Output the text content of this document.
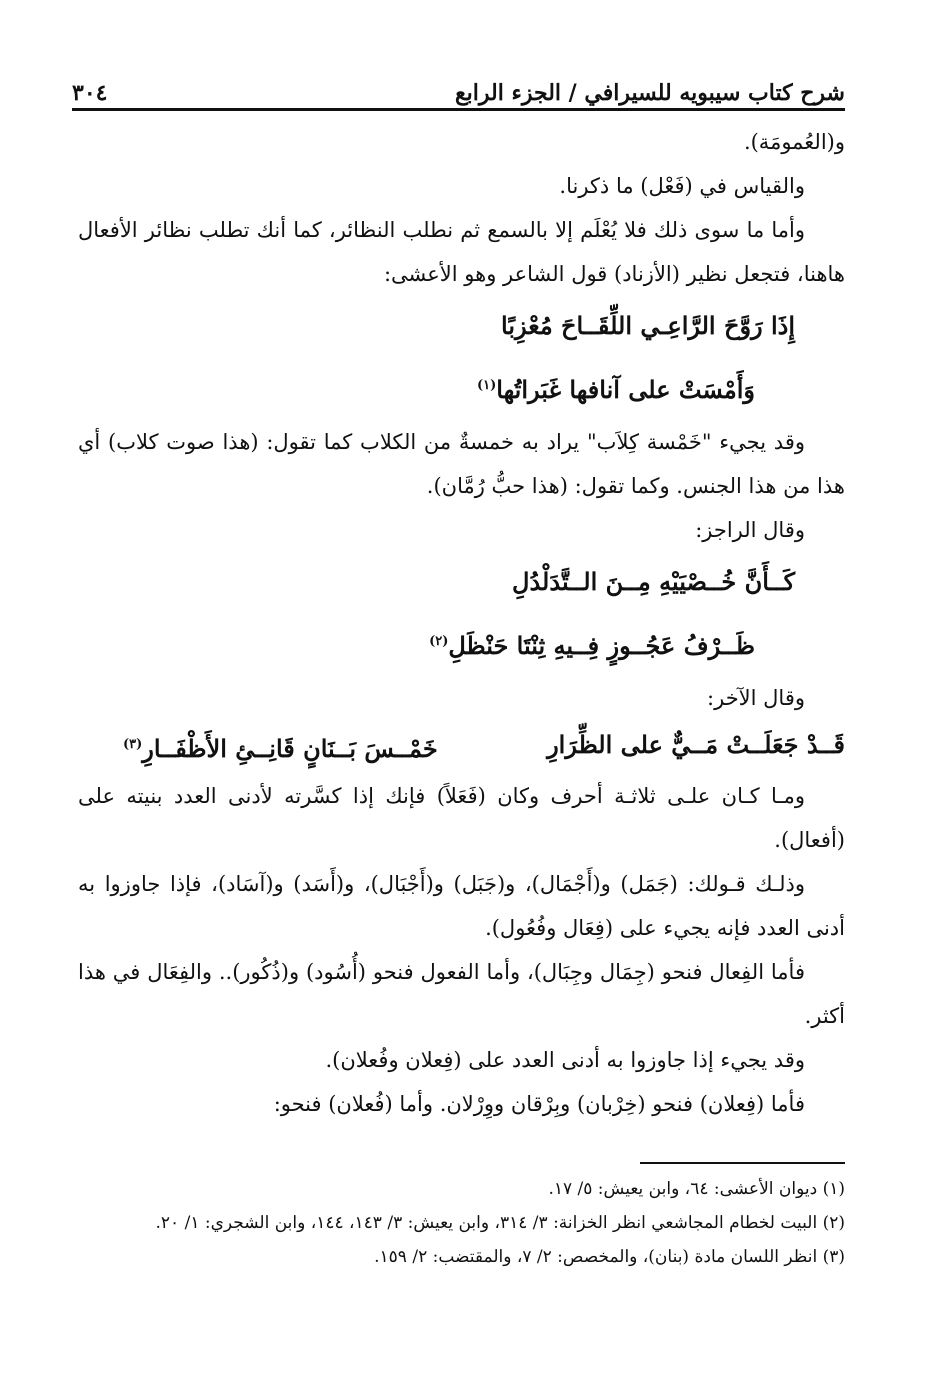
شرح كتاب سيبويه للسيرافي / الجزء الرابع
٣٠٤
و(العُمومَة).
والقياس في (فَعْل) ما ذكرنا.
وأما ما سوى ذلك فلا يُعْلَم إلا بالسمع ثم نطلب النظائر، كما أنك تطلب نظائر الأفعال هاهنا، فتجعل نظير (الأزناد) قول الشاعر وهو الأعشى:
إِذَا رَوَّحَ الرَّاعِـي اللِّقَــاحَ مُعْزِبًا
وَأَمْسَتْ على آنافها غَبَراتُها$^{(١)}$
وقد يجيء "خَمْسة كِلاَب" يراد به خمسةٌ من الكلاب كما تقول: (هذا صوت كلاب) أي هذا من هذا الجنس. وكما تقول: (هذا حبُّ رُمَّان).
وقال الراجز:
كَــأَنَّ خُــصْيَيْهِ مِــنَ الــتَّدَلْدُلِ
ظَــرْفُ عَجُــوزٍ فِــيهِ ثِنْتَا حَنْظَلِ$^{(٢)}$
وقال الآخر:
قَــدْ جَعَلَــتْ مَــيٌّ على الظِّرَارِ
خَمْــسَ بَــنَانٍ قَانِــئِ الأَظْفَــارِ$^{(٣)}$
ومـا كـان علـى ثلاثـة أحرف وكان (فَعَلاً) فإنك إذا كسَّرته لأدنى العدد بنيته على (أفعال).
وذلـك قـولك: (جَمَل) و(أَجْمَال)، و(جَبَل) و(أَجْبَال)، و(أَسَد) و(آسَاد)، فإذا جاوزوا به أدنى العدد فإنه يجيء على (فِعَال وفُعُول).
فأما الفِعال فنحو (جِمَال وجِبَال)، وأما الفعول فنحو (أُسُود) و(ذُكُور).. والفِعَال في هذا أكثر.
وقد يجيء إذا جاوزوا به أدنى العدد على (فِعلان وفُعلان).
فأما (فِعلان) فنحو (خِرْبان) وبِرْقان ووِرْلان. وأما (فُعلان) فنحو:
(١) ديوان الأعشى: ٦٤، وابن يعيش: ٥/ ١٧.
(٢) البيت لخطام المجاشعي انظر الخزانة: ٣/ ٣١٤، وابن يعيش: ٣/ ١٤٣، ١٤٤، وابن الشجري: ١/ ٢٠.
(٣) انظر اللسان مادة (بنان)، والمخصص: ٢/ ٧، والمقتضب: ٢/ ١٥٩.
